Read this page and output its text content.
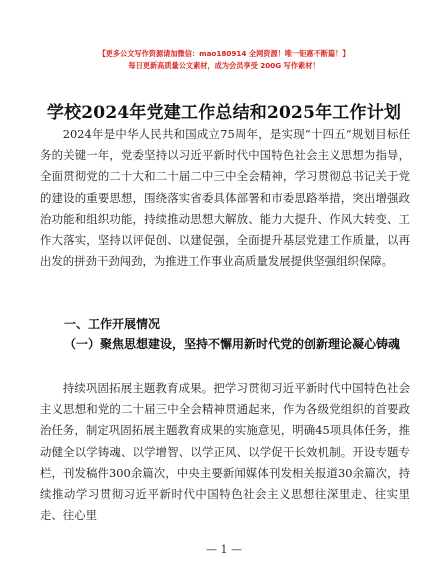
【更多公文写作资源请加微信：mao180914 全网资源！唯一钜惠不断篇！】
每日更新高质量公文素材，成为会员享受 200G 写作素材！
学校2024年党建工作总结和2025年工作计划
2024年是中华人民共和国成立75周年，是实现“十四五”规划目标任务的关键一年，党委坚持以习近平新时代中国特色社会主义思想为指导，全面贯彻党的二十大和二十届二中三中全会精神，学习贯彻总书记关于党的建设的重要思想，围绕落实省委具体部署和市委思路举措，突出增强政治功能和组织功能，持续推动思想大解放、能力大提升、作风大转变、工作大落实，坚持以评促创、以建促强，全面提升基层党建工作质量，以再出发的拼劲干劲闯劲，为推进工作事业高质量发展提供坚强组织保障。
一、工作开展情况
（一）聚焦思想建设，坚持不懈用新时代党的创新理论凝心铸魂
持续巩固拓展主题教育成果。把学习贯彻习近平新时代中国特色社会主义思想和党的二十届三中全会精神贯通起来，作为各级党组织的首要政治任务，制定巩固拓展主题教育成果的实施意见，明确45项具体任务，推动健全以学铸魂、以学增智、以学正风、以学促干长效机制。开设专题专栏，刊发稿件300余篇次，中央主要新闻媒体刊发相关报道30余篇次，持续推动学习贯彻习近平新时代中国特色社会主义思想往深里走、往实里走、往心里
— 1 —
